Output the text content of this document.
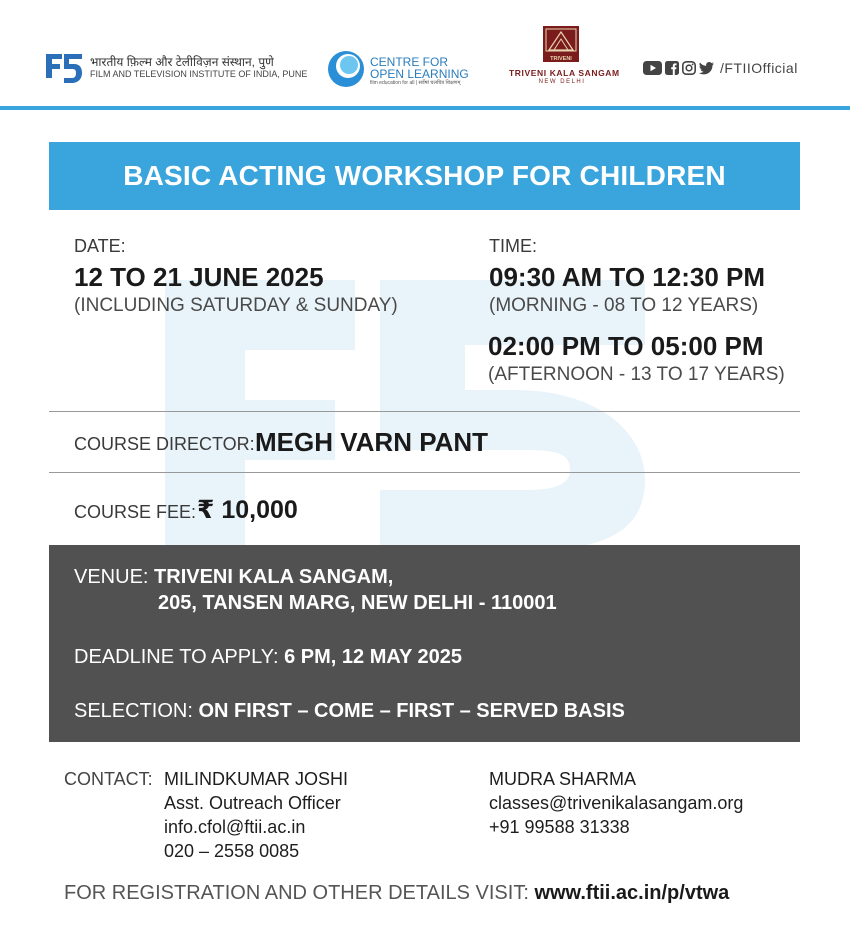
भारतीय फ़िल्म और टेलीविज़न संस्थान, पुणे
FILM AND TELEVISION INSTITUTE OF INDIA, PUNE
CENTRE FOR
OPEN LEARNING
film education for all | सर्वेषां चलचित्र शिक्षणम्
TRIVENI
TRIVENI KALA SANGAM
NEW DELHI
/FTIIOfficial
BASIC ACTING WORKSHOP FOR CHILDREN
DATE:
12 TO 21 JUNE 2025
(INCLUDING SATURDAY & SUNDAY)
TIME:
09:30 AM TO 12:30 PM
(MORNING - 08 TO 12 YEARS)
02:00 PM TO 05:00 PM
(AFTERNOON - 13 TO 17 YEARS)
COURSE DIRECTOR: MEGH VARN PANT
COURSE FEE: ₹ 10,000
VENUE: TRIVENI KALA SANGAM,
205, TANSEN MARG, NEW DELHI - 110001
DEADLINE TO APPLY: 6 PM, 12 MAY 2025
SELECTION: ON FIRST – COME – FIRST – SERVED BASIS
CONTACT: MILINDKUMAR JOSHI
Asst. Outreach Officer
info.cfol@ftii.ac.in
020 – 2558 0085
MUDRA SHARMA
classes@trivenikalasangam.org
+91 99588 31338
FOR REGISTRATION AND OTHER DETAILS VISIT: www.ftii.ac.in/p/vtwa
